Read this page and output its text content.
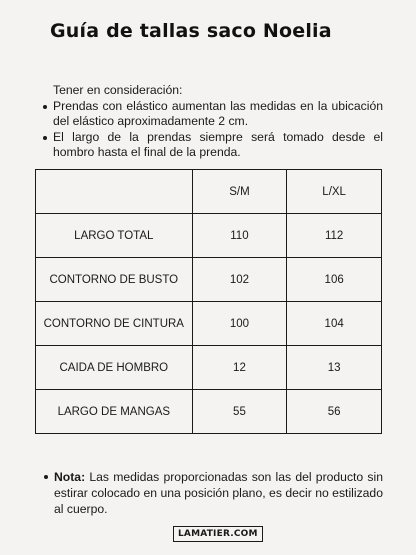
Guía de tallas saco Noelia
Tener en consideración:
Prendas con elástico aumentan las medidas en la ubicación del elástico aproximadamente 2 cm.
El largo de la prendas siempre será tomado desde el hombro hasta el final de la prenda.
	S/M	L/XL
LARGO TOTAL	110	112
CONTORNO DE BUSTO	102	106
CONTORNO DE CINTURA	100	104
CAIDA DE HOMBRO	12	13
LARGO DE MANGAS	55	56
Nota: Las medidas proporcionadas son las del producto sin estirar colocado en una posición plano, es decir no estilizado al cuerpo.
LAMATIER.COM
